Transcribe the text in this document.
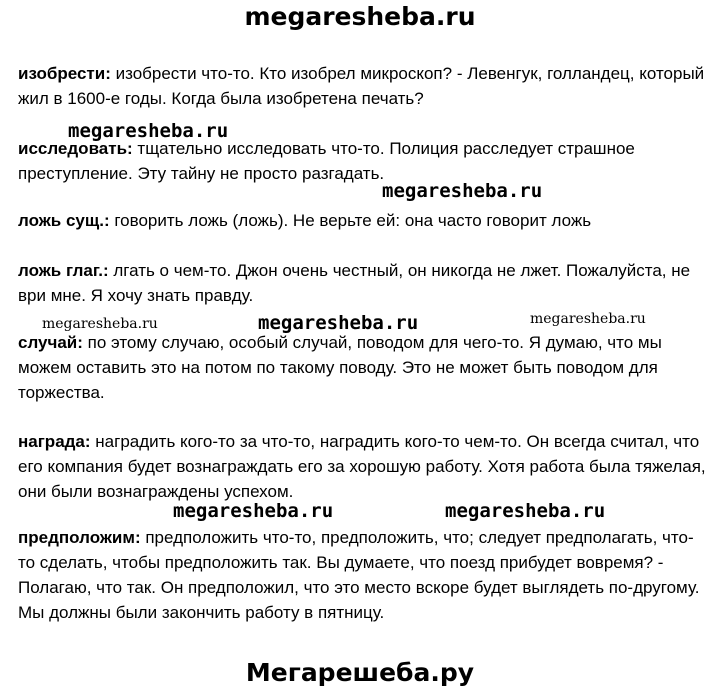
megaresheba.ru
изобрести: изобрести что-то. Кто изобрел микроскоп? - Левенгук, голландец, который жил в 1600-е годы. Когда была изобретена печать?
megaresheba.ru
исследовать: тщательно исследовать что-то. Полиция расследует страшное преступление. Эту тайну не просто разгадать.
megaresheba.ru
ложь сущ.: говорить ложь (ложь). Не верьте ей: она часто говорит ложь
ложь глаг.: лгать о чем-то. Джон очень честный, он никогда не лжет. Пожалуйста, не ври мне. Я хочу знать правду.
megaresheba.ru	megaresheba.ru	megaresheba.ru
случай: по этому случаю, особый случай, поводом для чего-то. Я думаю, что мы можем оставить это на потом по такому поводу. Это не может быть поводом для торжества.
награда: наградить кого-то за что-то, наградить кого-то чем-то. Он всегда считал, что его компания будет вознаграждать его за хорошую работу. Хотя работа была тяжелая, они были вознаграждены успехом.
megaresheba.ru	megaresheba.ru
предположим: предположить что-то, предположить, что; следует предполагать, что-то сделать, чтобы предположить так. Вы думаете, что поезд прибудет вовремя? - Полагаю, что так. Он предположил, что это место вскоре будет выглядеть по-другому. Мы должны были закончить работу в пятницу.
Мегарешеба.ру
